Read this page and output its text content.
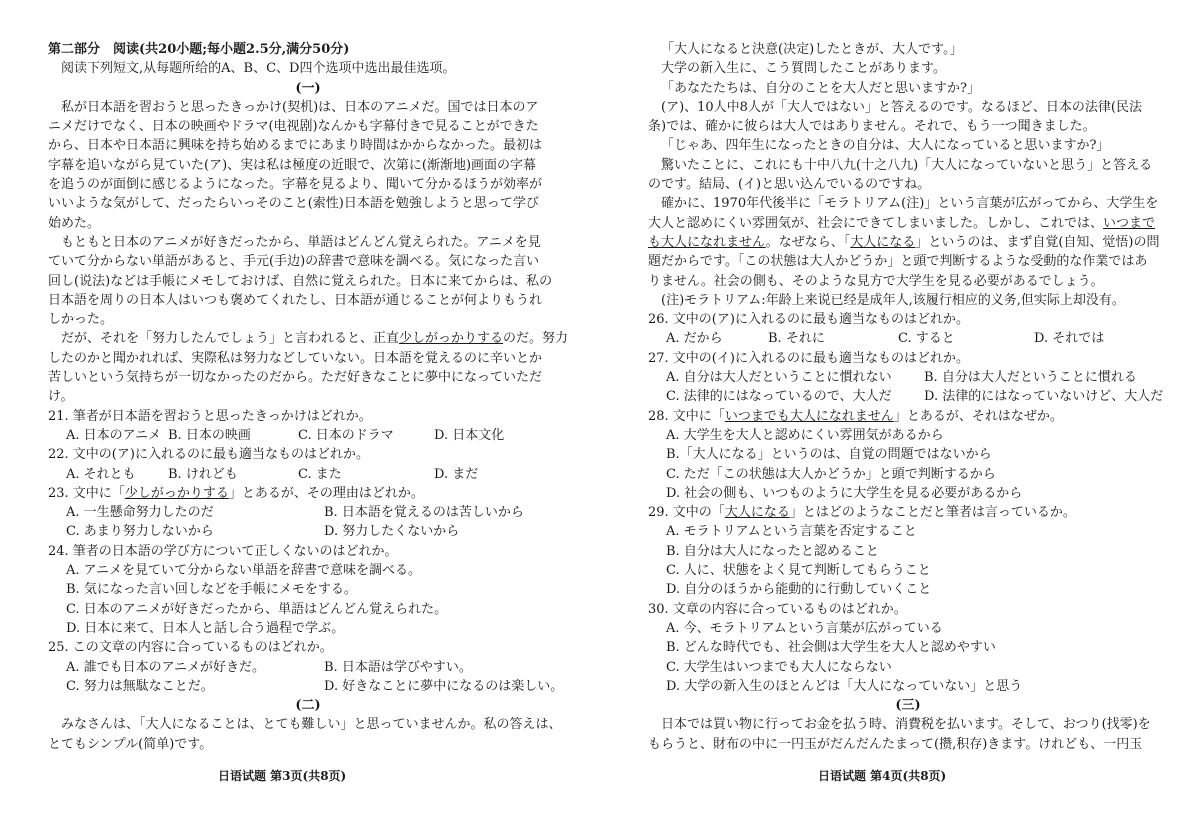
第二部分　阅读(共20小题;每小题2.5分,满分50分)
阅读下列短文,从每题所给的A、B、C、D四个选项中选出最佳选项。
(一)
私が日本語を習おうと思ったきっかけ(契机)は、日本のアニメだ。国では日本のア
ニメだけでなく、日本の映画やドラマ(电视剧)なんかも字幕付きで見ることができた
から、日本や日本語に興味を持ち始めるまでにあまり時間はかからなかった。最初は
字幕を追いながら見ていた(ア)、実は私は極度の近眼で、次第に(渐渐地)画面の字幕
を追うのが面倒に感じるようになった。字幕を見るより、聞いて分かるほうが効率が
いいような気がして、だったらいっそのこと(索性)日本語を勉強しようと思って学び
始めた。
もともと日本のアニメが好きだったから、単語はどんどん覚えられた。アニメを見
ていて分からない単語があると、手元(手边)の辞書で意味を調べる。気になった言い
回し(说法)などは手帳にメモしておけば、自然に覚えられた。日本に来てからは、私の
日本語を周りの日本人はいつも褒めてくれたし、日本語が通じることが何よりもうれ
しかった。
だが、それを「努力したんでしょう」と言われると、正直少しがっかりするのだ。努力
したのかと聞かれれば、実際私は努力などしていない。日本語を覚えるのに辛いとか
苦しいという気持ちが一切なかったのだから。ただ好きなことに夢中になっていただ
け。
21. 筆者が日本語を習おうと思ったきっかけはどれか。
A. 日本のアニメ B. 日本の映画	C. 日本のドラマ	D. 日本文化
22. 文中の(ア)に入れるのに最も適当なものはどれか。
A. それとも	B. けれども	C. また	D. まだ
23. 文中に「少しがっかりする」とあるが、その理由はどれか。
A. 一生懸命努力したのだ	B. 日本語を覚えるのは苦しいから
C. あまり努力しないから	D. 努力したくないから
24. 筆者の日本語の学び方について正しくないのはどれか。
A. アニメを見ていて分からない単語を辞書で意味を調べる。
B. 気になった言い回しなどを手帳にメモをする。
C. 日本のアニメが好きだったから、単語はどんどん覚えられた。
D. 日本に来て、日本人と話し合う過程で学ぶ。
25. この文章の内容に合っているものはどれか。
A. 誰でも日本のアニメが好きだ。	B. 日本語は学びやすい。
C. 努力は無駄なことだ。	D. 好きなことに夢中になるのは楽しい。
(二)
みなさんは、「大人になることは、とても難しい」と思っていませんか。私の答えは、
とてもシンプル(简单)です。
「大人になると決意(决定)したときが、大人です。」
大学の新入生に、こう質問したことがあります。
「あなたたちは、自分のことを大人だと思いますか?」
(ア)、10人中8人が「大人ではない」と答えるのです。なるほど、日本の法律(民法
条)では、確かに彼らは大人ではありません。それで、もう一つ聞きました。
「じゃあ、四年生になったときの自分は、大人になっていると思いますか?」
驚いたことに、これにも十中八九(十之八九)「大人になっていないと思う」と答える
のです。結局、(イ)と思い込んでいるのですね。
確かに、1970年代後半に「モラトリアム(注)」という言葉が広がってから、大学生を
大人と認めにくい雰囲気が、社会にできてしまいました。しかし、これでは、いつまで
も大人になれません。なぜなら、「大人になる」というのは、まず自覚(自知、觉悟)の問
題だからです。「この状態は大人かどうか」と頭で判断するような受動的な作業ではあ
りません。社会の側も、そのような見方で大学生を見る必要があるでしょう。
(注)モラトリアム:年龄上来说已经是成年人,该履行相应的义务,但实际上却没有。
26. 文中の(ア)に入れるのに最も適当なものはどれか。
A. だから	B. それに	C. すると	D. それでは
27. 文中の(イ)に入れるのに最も適当なものはどれか。
A. 自分は大人だということに慣れない	B. 自分は大人だということに慣れる
C. 法律的にはなっているので、大人だ	D. 法律的にはなっていないけど、大人だ
28. 文中に「いつまでも大人になれません」とあるが、それはなぜか。
A. 大学生を大人と認めにくい雰囲気があるから
B.「大人になる」というのは、自覚の問題ではないから
C. ただ「この状態は大人かどうか」と頭で判断するから
D. 社会の側も、いつものように大学生を見る必要があるから
29. 文中の「大人になる」とはどのようなことだと筆者は言っているか。
A. モラトリアムという言葉を否定すること
B. 自分は大人になったと認めること
C. 人に、状態をよく見て判断してもらうこと
D. 自分のほうから能動的に行動していくこと
30. 文章の内容に合っているものはどれか。
A. 今、モラトリアムという言葉が広がっている
B. どんな時代でも、社会側は大学生を大人と認めやすい
C. 大学生はいつまでも大人にならない
D. 大学の新入生のほとんどは「大人になっていない」と思う
(三)
日本では買い物に行ってお金を払う時、消費税を払います。そして、おつり(找零)を
もらうと、財布の中に一円玉がだんだんたまって(攒,积存)きます。けれども、一円玉
日语试题 第3页(共8页)	日语试题 第4页(共8页)
